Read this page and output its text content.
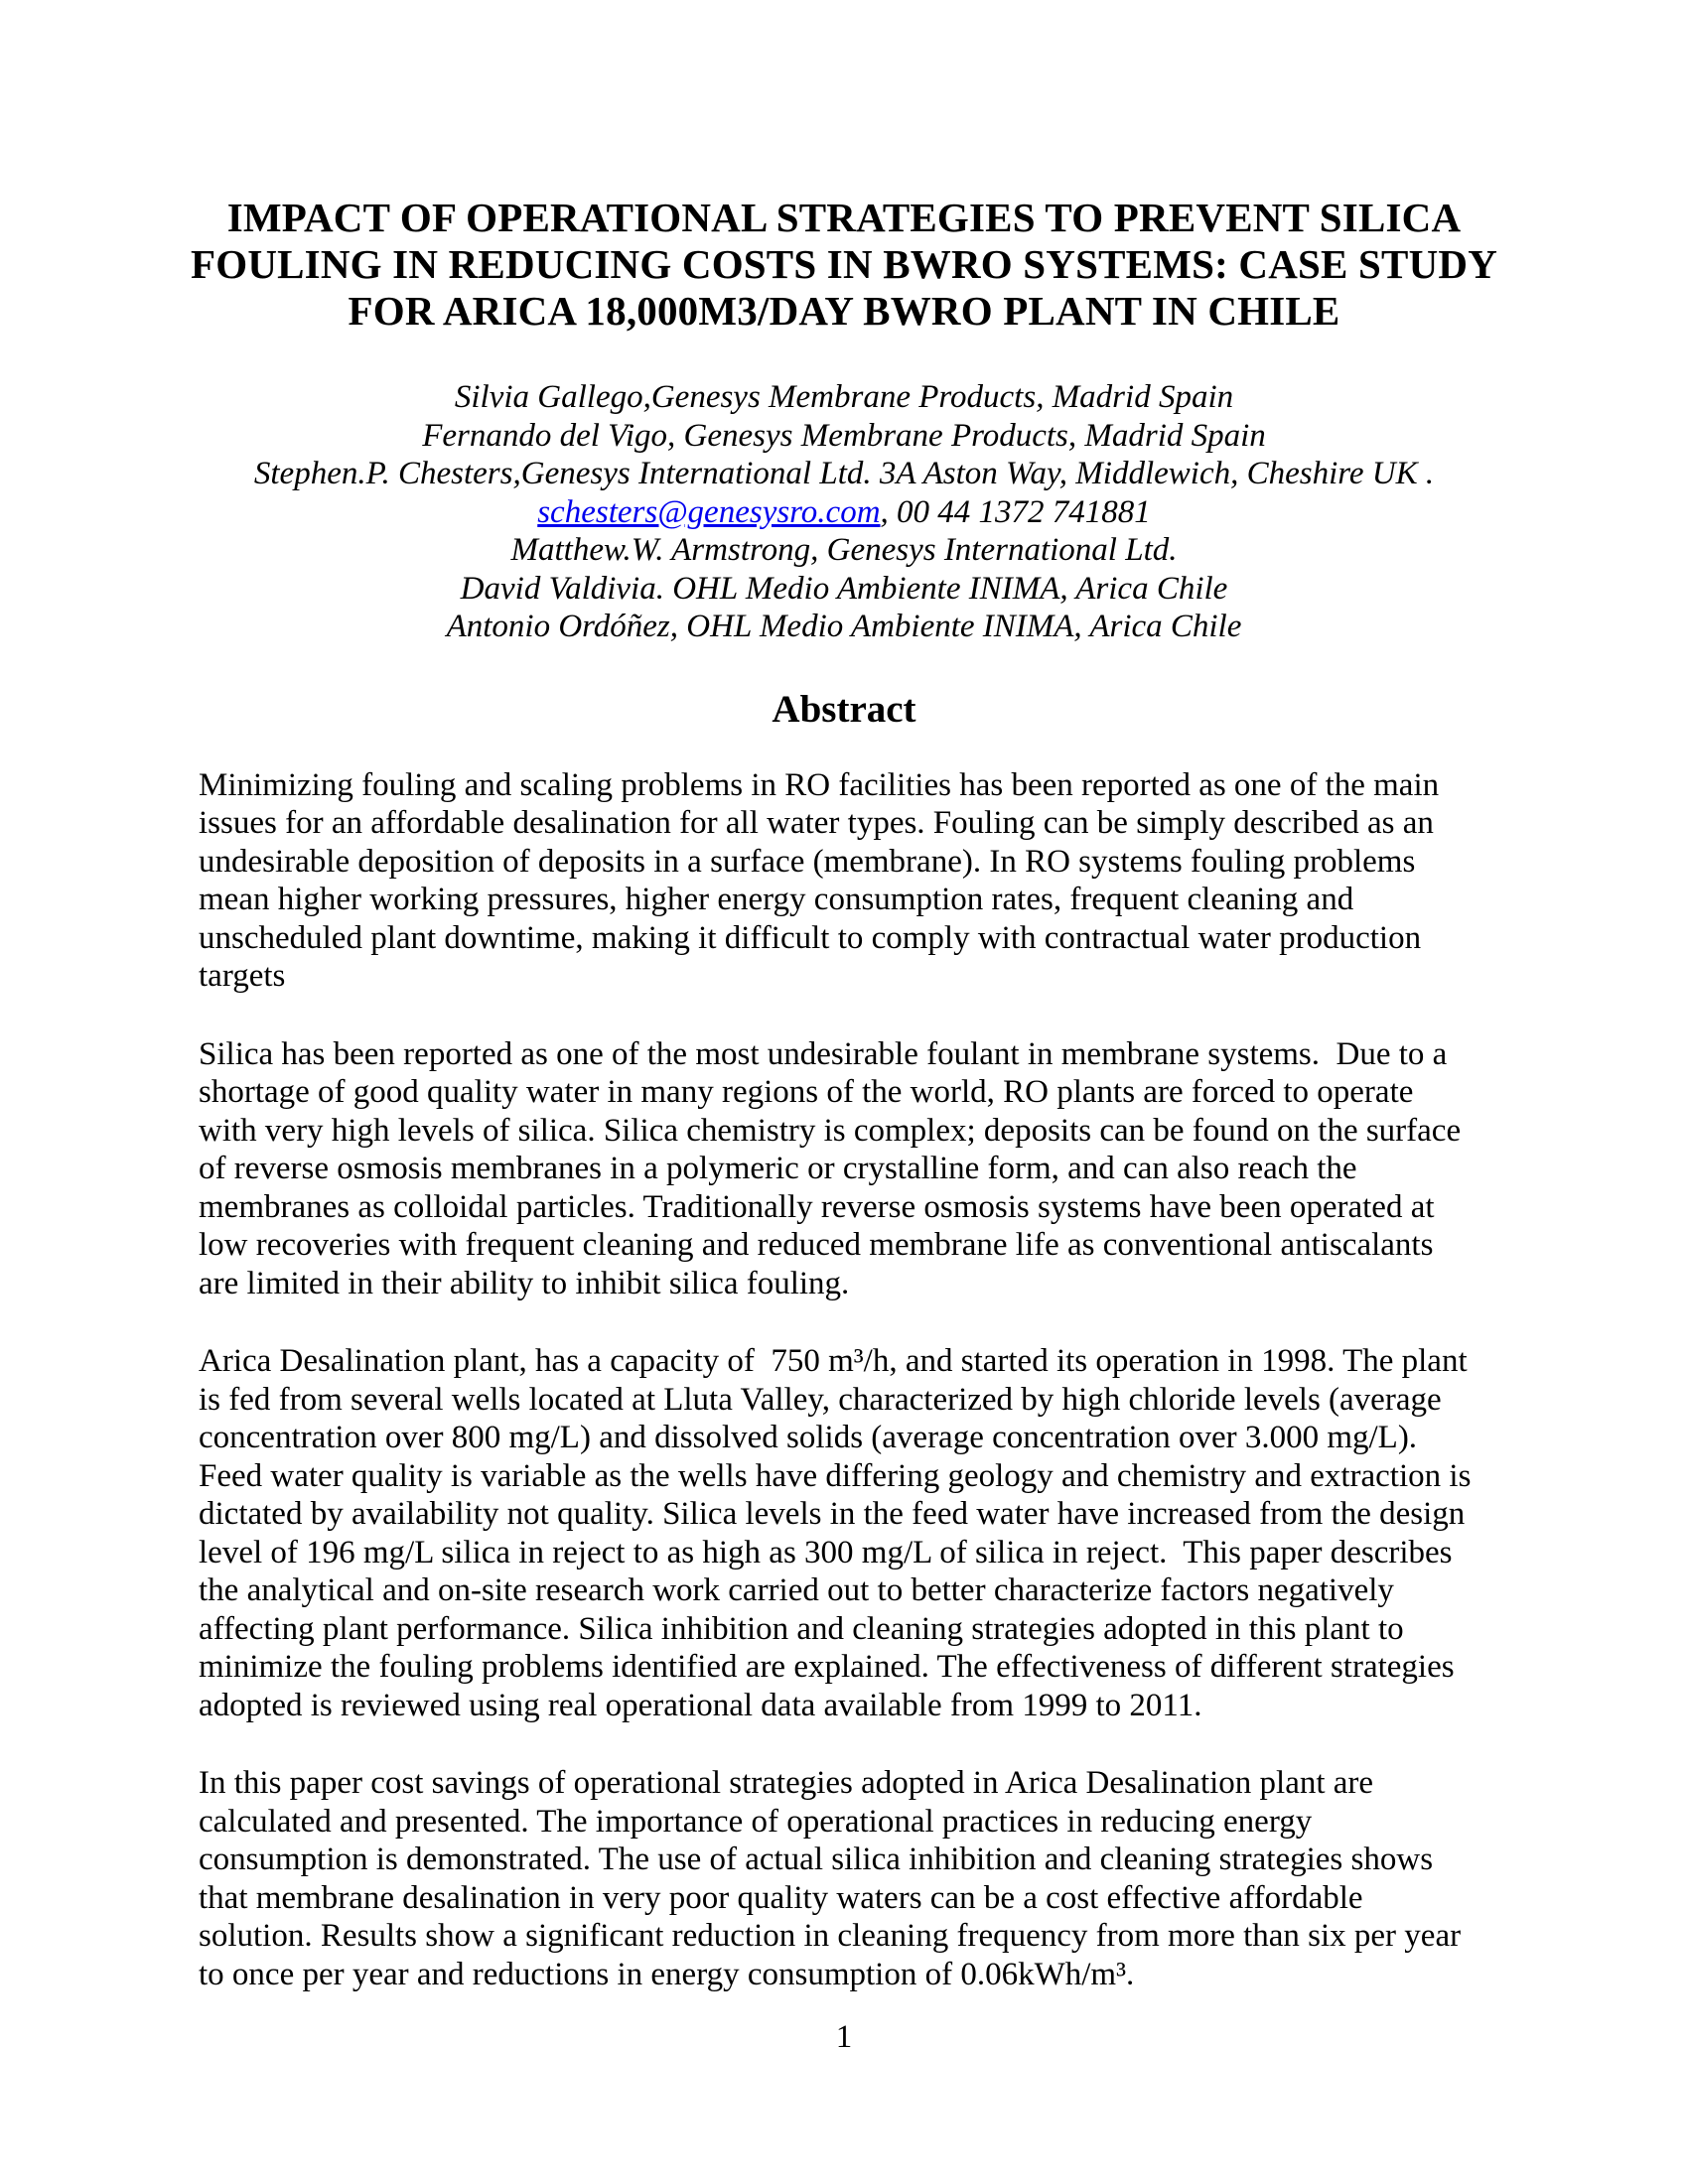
IMPACT OF OPERATIONAL STRATEGIES TO PREVENT SILICA
FOULING IN REDUCING COSTS IN BWRO SYSTEMS: CASE STUDY
FOR ARICA 18,000M3/DAY BWRO PLANT IN CHILE
Silvia Gallego,Genesys Membrane Products, Madrid Spain
Fernando del Vigo, Genesys Membrane Products, Madrid Spain
Stephen.P. Chesters,Genesys International Ltd. 3A Aston Way, Middlewich, Cheshire UK .
schesters@genesysro.com, 00 44 1372 741881
Matthew.W. Armstrong, Genesys International Ltd.
David Valdivia. OHL Medio Ambiente INIMA, Arica Chile
Antonio Ordóñez, OHL Medio Ambiente INIMA, Arica Chile
Abstract
Minimizing fouling and scaling problems in RO facilities has been reported as one of the main
issues for an affordable desalination for all water types. Fouling can be simply described as an
undesirable deposition of deposits in a surface (membrane). In RO systems fouling problems
mean higher working pressures, higher energy consumption rates, frequent cleaning and
unscheduled plant downtime, making it difficult to comply with contractual water production
targets
Silica has been reported as one of the most undesirable foulant in membrane systems.  Due to a
shortage of good quality water in many regions of the world, RO plants are forced to operate
with very high levels of silica. Silica chemistry is complex; deposits can be found on the surface
of reverse osmosis membranes in a polymeric or crystalline form, and can also reach the
membranes as colloidal particles. Traditionally reverse osmosis systems have been operated at
low recoveries with frequent cleaning and reduced membrane life as conventional antiscalants
are limited in their ability to inhibit silica fouling.
Arica Desalination plant, has a capacity of  750 m³/h, and started its operation in 1998. The plant
is fed from several wells located at Lluta Valley, characterized by high chloride levels (average
concentration over 800 mg/L) and dissolved solids (average concentration over 3.000 mg/L).
Feed water quality is variable as the wells have differing geology and chemistry and extraction is
dictated by availability not quality. Silica levels in the feed water have increased from the design
level of 196 mg/L silica in reject to as high as 300 mg/L of silica in reject.  This paper describes
the analytical and on-site research work carried out to better characterize factors negatively
affecting plant performance. Silica inhibition and cleaning strategies adopted in this plant to
minimize the fouling problems identified are explained. The effectiveness of different strategies
adopted is reviewed using real operational data available from 1999 to 2011.
In this paper cost savings of operational strategies adopted in Arica Desalination plant are
calculated and presented. The importance of operational practices in reducing energy
consumption is demonstrated. The use of actual silica inhibition and cleaning strategies shows
that membrane desalination in very poor quality waters can be a cost effective affordable
solution. Results show a significant reduction in cleaning frequency from more than six per year
to once per year and reductions in energy consumption of 0.06kWh/m³.
1
